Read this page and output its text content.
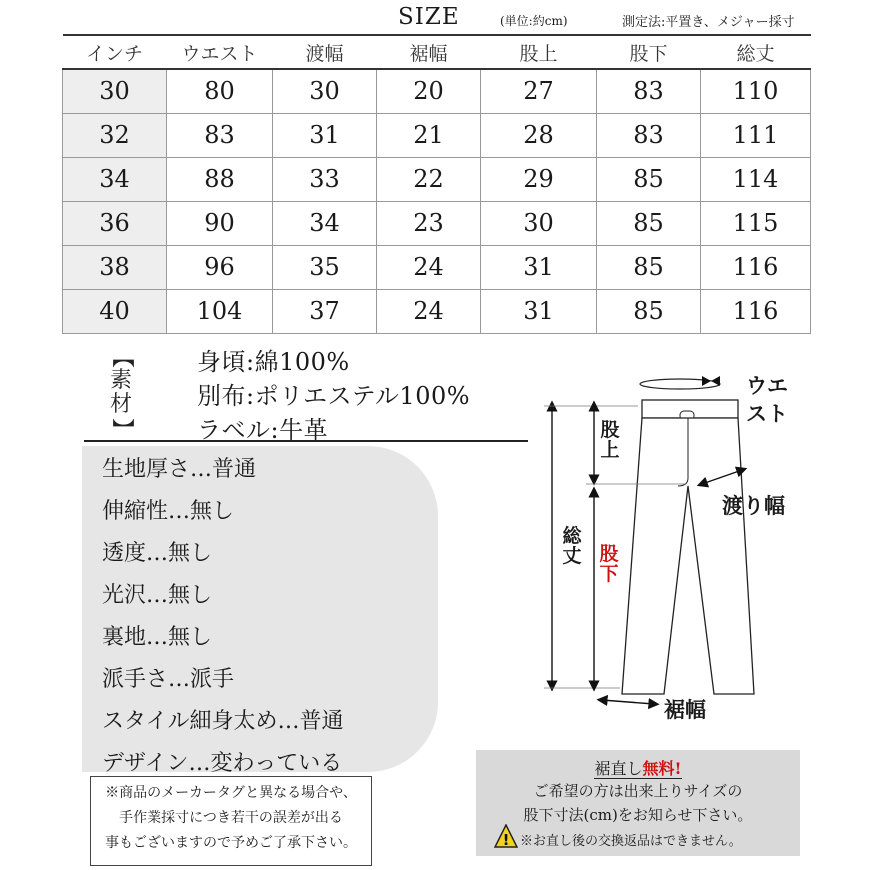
SIZE	(単位:約cm)	測定法:平置き、メジャー採寸
インチ	ウエスト	渡幅	裾幅	股上	股下	総丈
30	80	30	20	27	83	110
32	83	31	21	28	83	111
34	88	33	22	29	85	114
36	90	34	23	30	85	115
38	96	35	24	31	85	116
40	104	37	24	31	85	116
【
素
材
】
身頃:綿100%
別布:ポリエステル100%
ラベル:牛革
生地厚さ…普通
伸縮性…無し
透度…無し
光沢…無し
裏地…無し
派手さ…派手
スタイル細身太め…普通
デザイン…変わっている
※商品のメーカータグと異なる場合や、
手作業採寸につき若干の誤差が出る
事もございますので予めご了承下さい。
裾直し無料!
ご希望の方は出来上りサイズの
股下寸法(cm)をお知らせ下さい。
! ※お直し後の交換返品はできません。
ウエスト
股
上
渡り幅
総
丈 股
下
裾幅
